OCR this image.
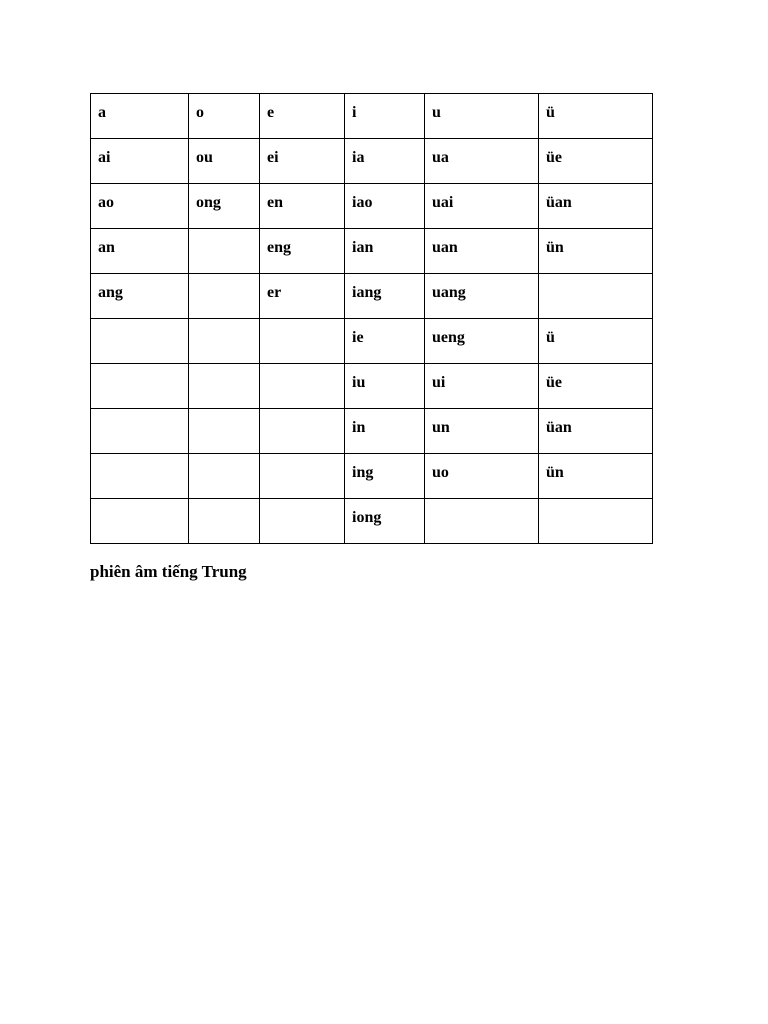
a	o	e	i	u	ü

ai	ou	ei	ia	ua	üe

ao	ong	en	iao	uai	üan

an		eng	ian	uan	ün

ang		er	iang	uang	

			ie	ueng	ü

			iu	ui	üe

			in	un	üan

			ing	uo	ün

			iong		

phiên âm tiếng Trung
